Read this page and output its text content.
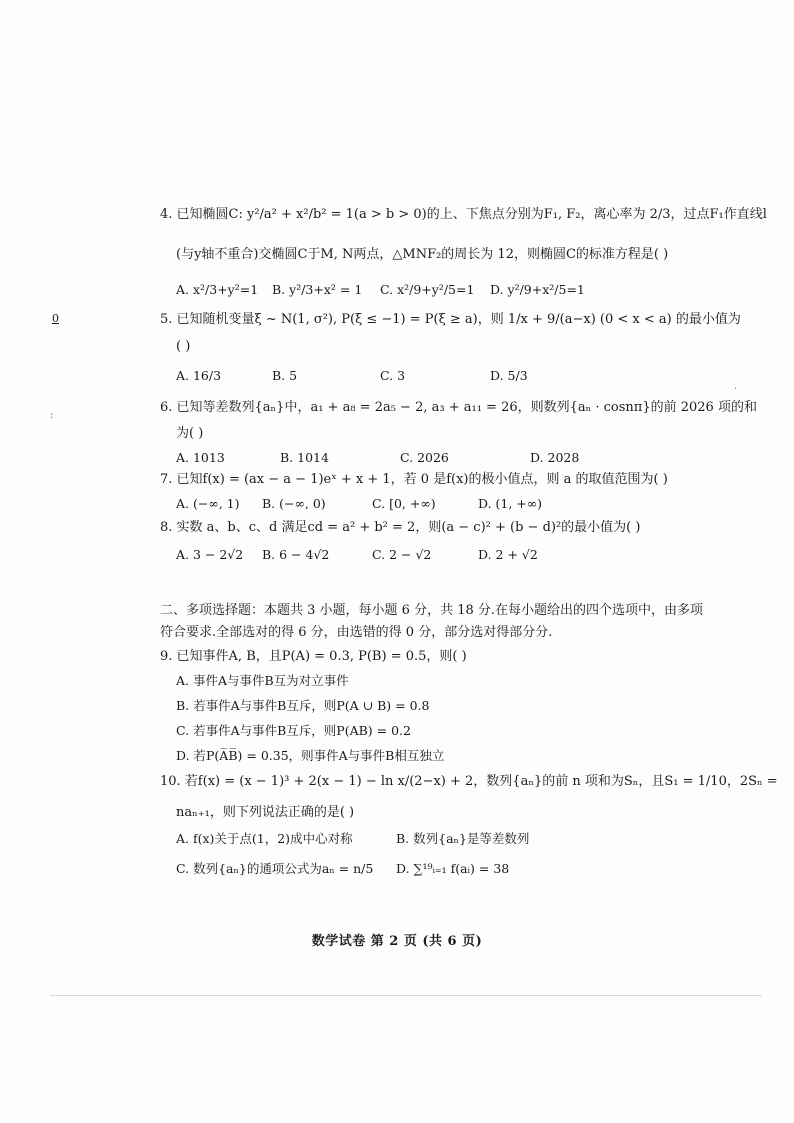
0
:
·
4. 已知椭圆C: y²/a² + x²/b² = 1(a > b > 0)的上、下焦点分别为F₁, F₂，离心率为 2/3，过点F₁作直线l
(与y轴不重合)交椭圆C于M, N两点，△MNF₂的周长为 12，则椭圆C的标准方程是( )
A. x²/3+y²=1 B. y²/3+x² = 1 C. x²/9+y²/5=1 D. y²/9+x²/5=1
5. 已知随机变量ξ ~ N(1, σ²), P(ξ ≤ −1) = P(ξ ≥ a)，则 1/x + 9/(a−x) (0 < x < a) 的最小值为
( )
A. 16/3	B. 5	C. 3	D. 5/3
6. 已知等差数列{aₙ}中，a₁ + a₈ = 2a₅ − 2, a₃ + a₁₁ = 26，则数列{aₙ · cosnπ}的前 2026 项的和
为( )
A. 1013	B. 1014	C. 2026	D. 2028
7. 已知f(x) = (ax − a − 1)eˣ + x + 1，若 0 是f(x)的极小值点，则 a 的取值范围为( )
A. (−∞, 1) B. (−∞, 0)	C. [0, +∞)	D. (1, +∞)
8. 实数 a、b、c、d 满足cd = a² + b² = 2，则(a − c)² + (b − d)²的最小值为( )
A. 3 − 2√2 B. 6 − 4√2	C. 2 − √2	D. 2 + √2
二、多项选择题：本题共 3 小题，每小题 6 分，共 18 分.在每小题给出的四个选项中，由多项
符合要求.全部选对的得 6 分，由选错的得 0 分，部分选对得部分分.
9. 已知事件A, B，且P(A) = 0.3, P(B) = 0.5，则( )
A. 事件A与事件B互为对立事件
B. 若事件A与事件B互斥，则P(A ∪ B) = 0.8
C. 若事件A与事件B互斥，则P(AB) = 0.2
D. 若P(A̅B̅) = 0.35，则事件A与事件B相互独立
10. 若f(x) = (x − 1)³ + 2(x − 1) − ln x/(2−x) + 2，数列{aₙ}的前 n 项和为Sₙ，且S₁ = 1/10，2Sₙ =
naₙ₊₁，则下列说法正确的是( )
A. f(x)关于点(1，2)成中心对称	B. 数列{aₙ}是等差数列
C. 数列{aₙ}的通项公式为aₙ = n/5 D. ∑¹⁹ᵢ₌₁ f(aᵢ) = 38
数学试卷 第 2 页 (共 6 页)
